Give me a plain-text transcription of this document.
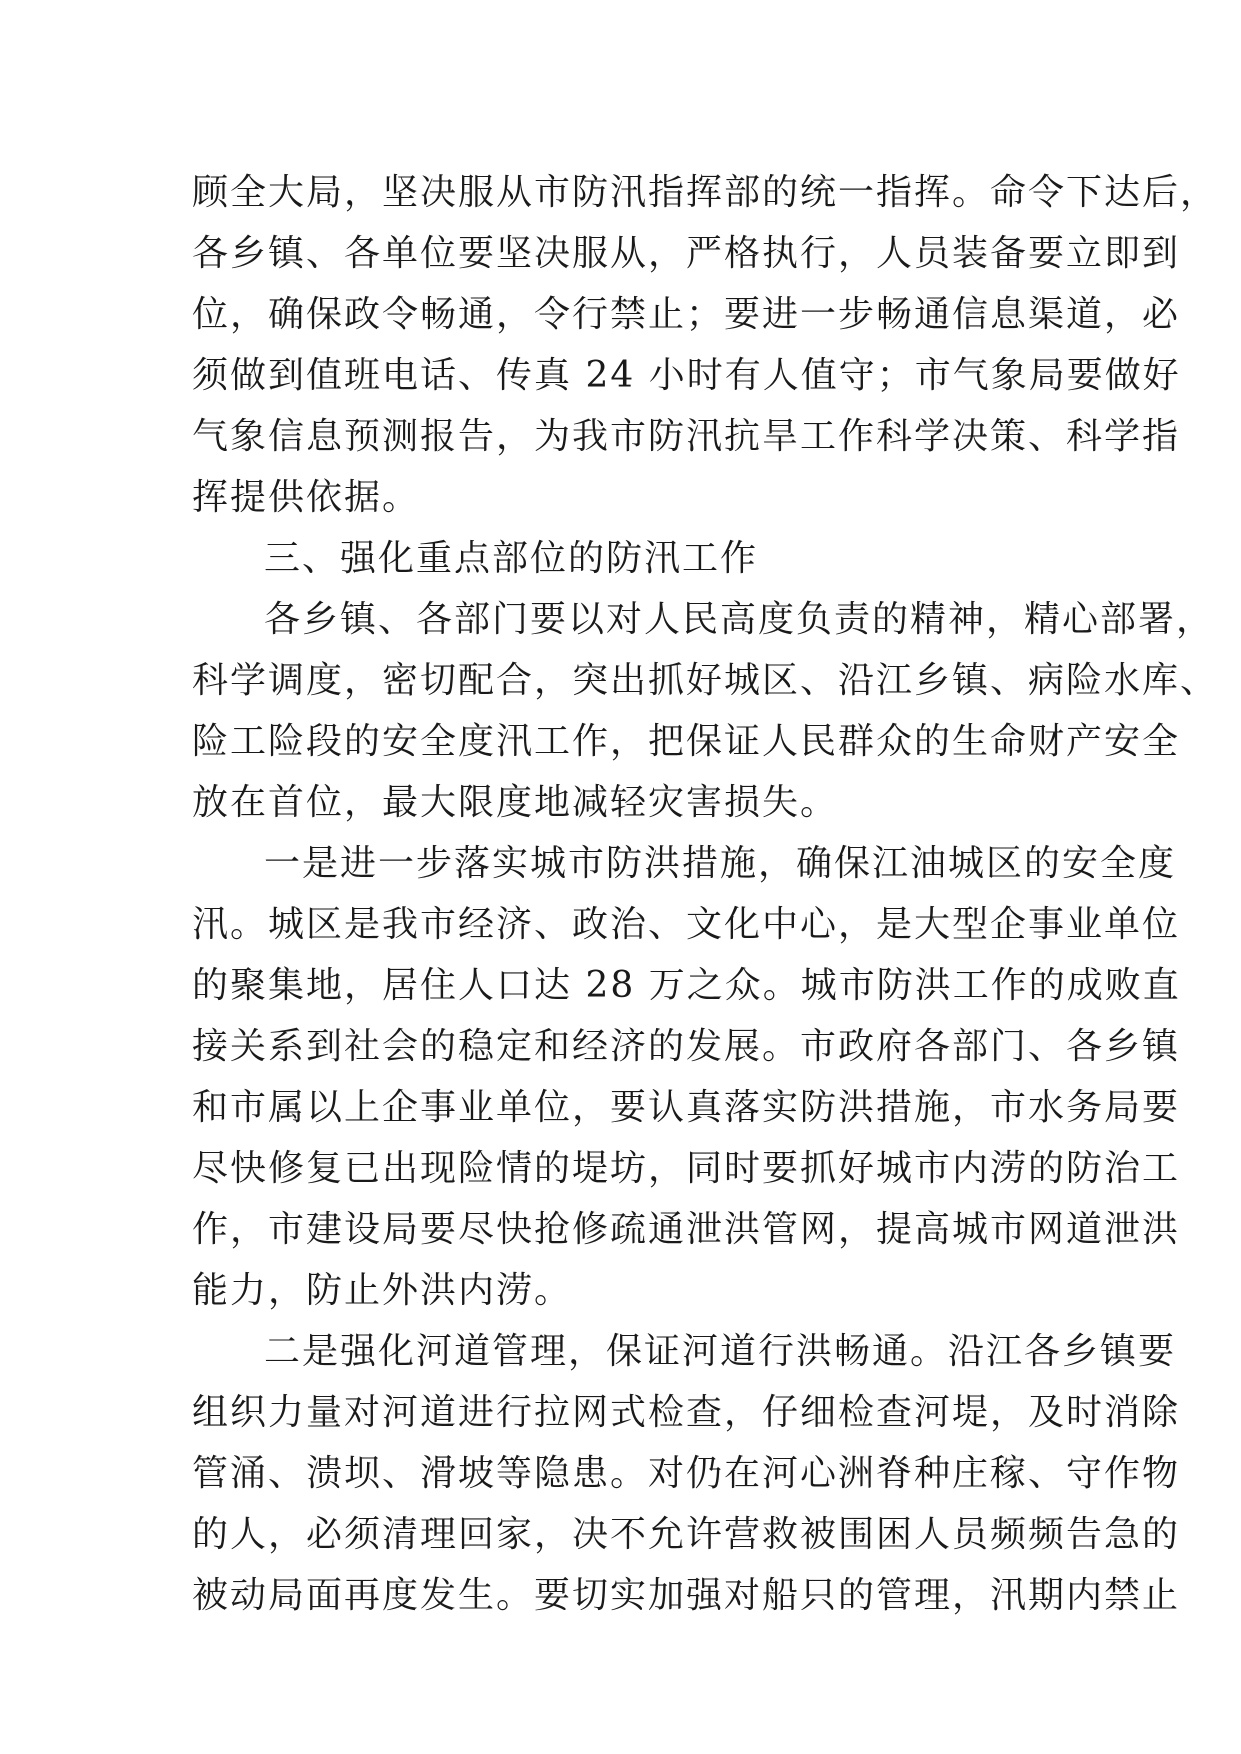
顾全大局，坚决服从市防汛指挥部的统一指挥。命令下达后，
各乡镇、各单位要坚决服从，严格执行，人员装备要立即到
位，确保政令畅通，令行禁止；要进一步畅通信息渠道，必
须做到值班电话、传真 24 小时有人值守；市气象局要做好
气象信息预测报告，为我市防汛抗旱工作科学决策、科学指
挥提供依据。
三、强化重点部位的防汛工作
各乡镇、各部门要以对人民高度负责的精神，精心部署，
科学调度，密切配合，突出抓好城区、沿江乡镇、病险水库、
险工险段的安全度汛工作，把保证人民群众的生命财产安全
放在首位，最大限度地减轻灾害损失。
一是进一步落实城市防洪措施，确保江油城区的安全度
汛。城区是我市经济、政治、文化中心，是大型企事业单位
的聚集地，居住人口达 28 万之众。城市防洪工作的成败直
接关系到社会的稳定和经济的发展。市政府各部门、各乡镇
和市属以上企事业单位，要认真落实防洪措施，市水务局要
尽快修复已出现险情的堤坊，同时要抓好城市内涝的防治工
作，市建设局要尽快抢修疏通泄洪管网，提高城市网道泄洪
能力，防止外洪内涝。
二是强化河道管理，保证河道行洪畅通。沿江各乡镇要
组织力量对河道进行拉网式检查，仔细检查河堤，及时消除
管涌、溃坝、滑坡等隐患。对仍在河心洲脊种庄稼、守作物
的人，必须清理回家，决不允许营救被围困人员频频告急的
被动局面再度发生。要切实加强对船只的管理，汛期内禁止
